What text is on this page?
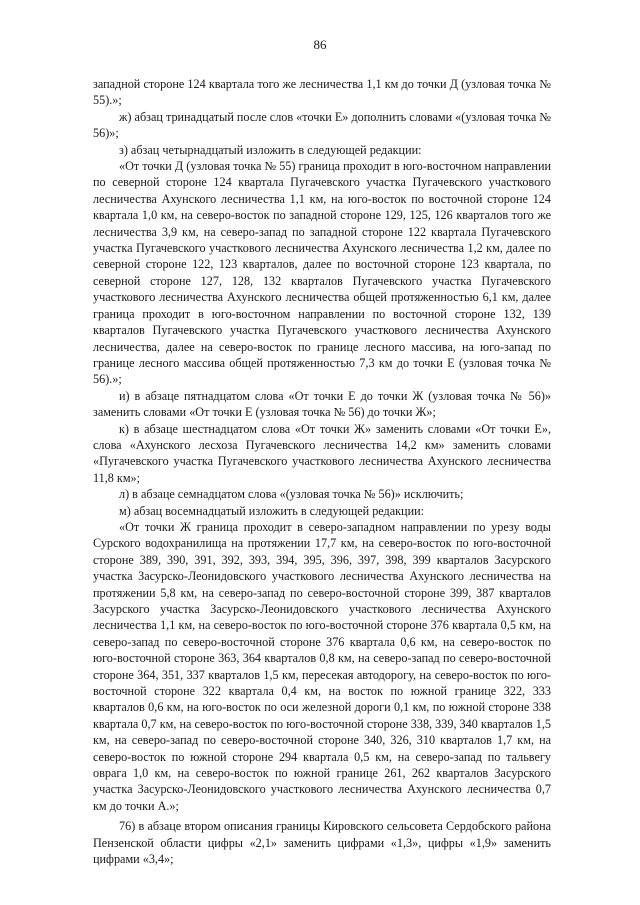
86

западной стороне 124 квартала того же лесничества 1,1 км до точки Д (узловая точка № 55).»;

ж) абзац тринадцатый после слов «точки Е» дополнить словами «(узловая точка № 56)»;

з) абзац четырнадцатый изложить в следующей редакции:

«От точки Д (узловая точка № 55) граница проходит в юго-восточном направлении по северной стороне 124 квартала Пугачевского участка Пугачевского участкового лесничества Ахунского лесничества 1,1 км, на юго-восток по восточной стороне 124 квартала 1,0 км, на северо-восток по западной стороне 129, 125, 126 кварталов того же лесничества 3,9 км, на северо-запад по западной стороне 122 квартала Пугачевского участка Пугачевского участкового лесничества Ахунского лесничества 1,2 км, далее по северной стороне 122, 123 кварталов, далее по восточной стороне 123 квартала, по северной стороне 127, 128, 132 кварталов Пугачевского участка Пугачевского участкового лесничества Ахунского лесничества общей протяженностью 6,1 км, далее граница проходит в юго-восточном направлении по восточной стороне 132, 139 кварталов Пугачевского участка Пугачевского участкового лесничества Ахунского лесничества, далее на северо-восток по границе лесного массива, на юго-запад по границе лесного массива общей протяженностью 7,3 км до точки Е (узловая точка № 56).»;

и) в абзаце пятнадцатом слова «От точки Е до точки Ж (узловая точка № 56)» заменить словами «От точки Е (узловая точка № 56) до точки Ж»;

к) в абзаце шестнадцатом слова «От точки Ж» заменить словами «От точки Е», слова «Ахунского лесхоза Пугачевского лесничества 14,2 км» заменить словами «Пугачевского участка Пугачевского участкового лесничества Ахунского лесничества 11,8 км»;

л) в абзаце семнадцатом слова «(узловая точка № 56)» исключить;

м) абзац восемнадцатый изложить в следующей редакции:

«От точки Ж граница проходит в северо-западном направлении по урезу воды Сурского водохранилища на протяжении 17,7 км, на северо-восток по юго-восточной стороне 389, 390, 391, 392, 393, 394, 395, 396, 397, 398, 399 кварталов Засурского участка Засурско-Леонидовского участкового лесничества Ахунского лесничества на протяжении 5,8 км, на северо-запад по северо-восточной стороне 399, 387 кварталов Засурского участка Засурско-Леонидовского участкового лесничества Ахунского лесничества 1,1 км, на северо-восток по юго-восточной стороне 376 квартала 0,5 км, на северо-запад по северо-восточной стороне 376 квартала 0,6 км, на северо-восток по юго-восточной стороне 363, 364 кварталов 0,8 км, на северо-запад по северо-восточной стороне 364, 351, 337 кварталов 1,5 км, пересекая автодорогу, на северо-восток по юго-восточной стороне 322 квартала 0,4 км, на восток по южной границе 322, 333 кварталов 0,6 км, на юго-восток по оси железной дороги 0,1 км, по южной стороне 338 квартала 0,7 км, на северо-восток по юго-восточной стороне 338, 339, 340 кварталов 1,5 км, на северо-запад по северо-восточной стороне 340, 326, 310 кварталов 1,7 км, на северо-восток по южной стороне 294 квартала 0,5 км, на северо-запад по тальвегу оврага 1,0 км, на северо-восток по южной границе 261, 262 кварталов Засурского участка Засурско-Леонидовского участкового лесничества Ахунского лесничества 0,7 км до точки А.»;

76) в абзаце втором описания границы Кировского сельсовета Сердобского района Пензенской области цифры «2,1» заменить цифрами «1,3», цифры «1,9» заменить цифрами «3,4»;
